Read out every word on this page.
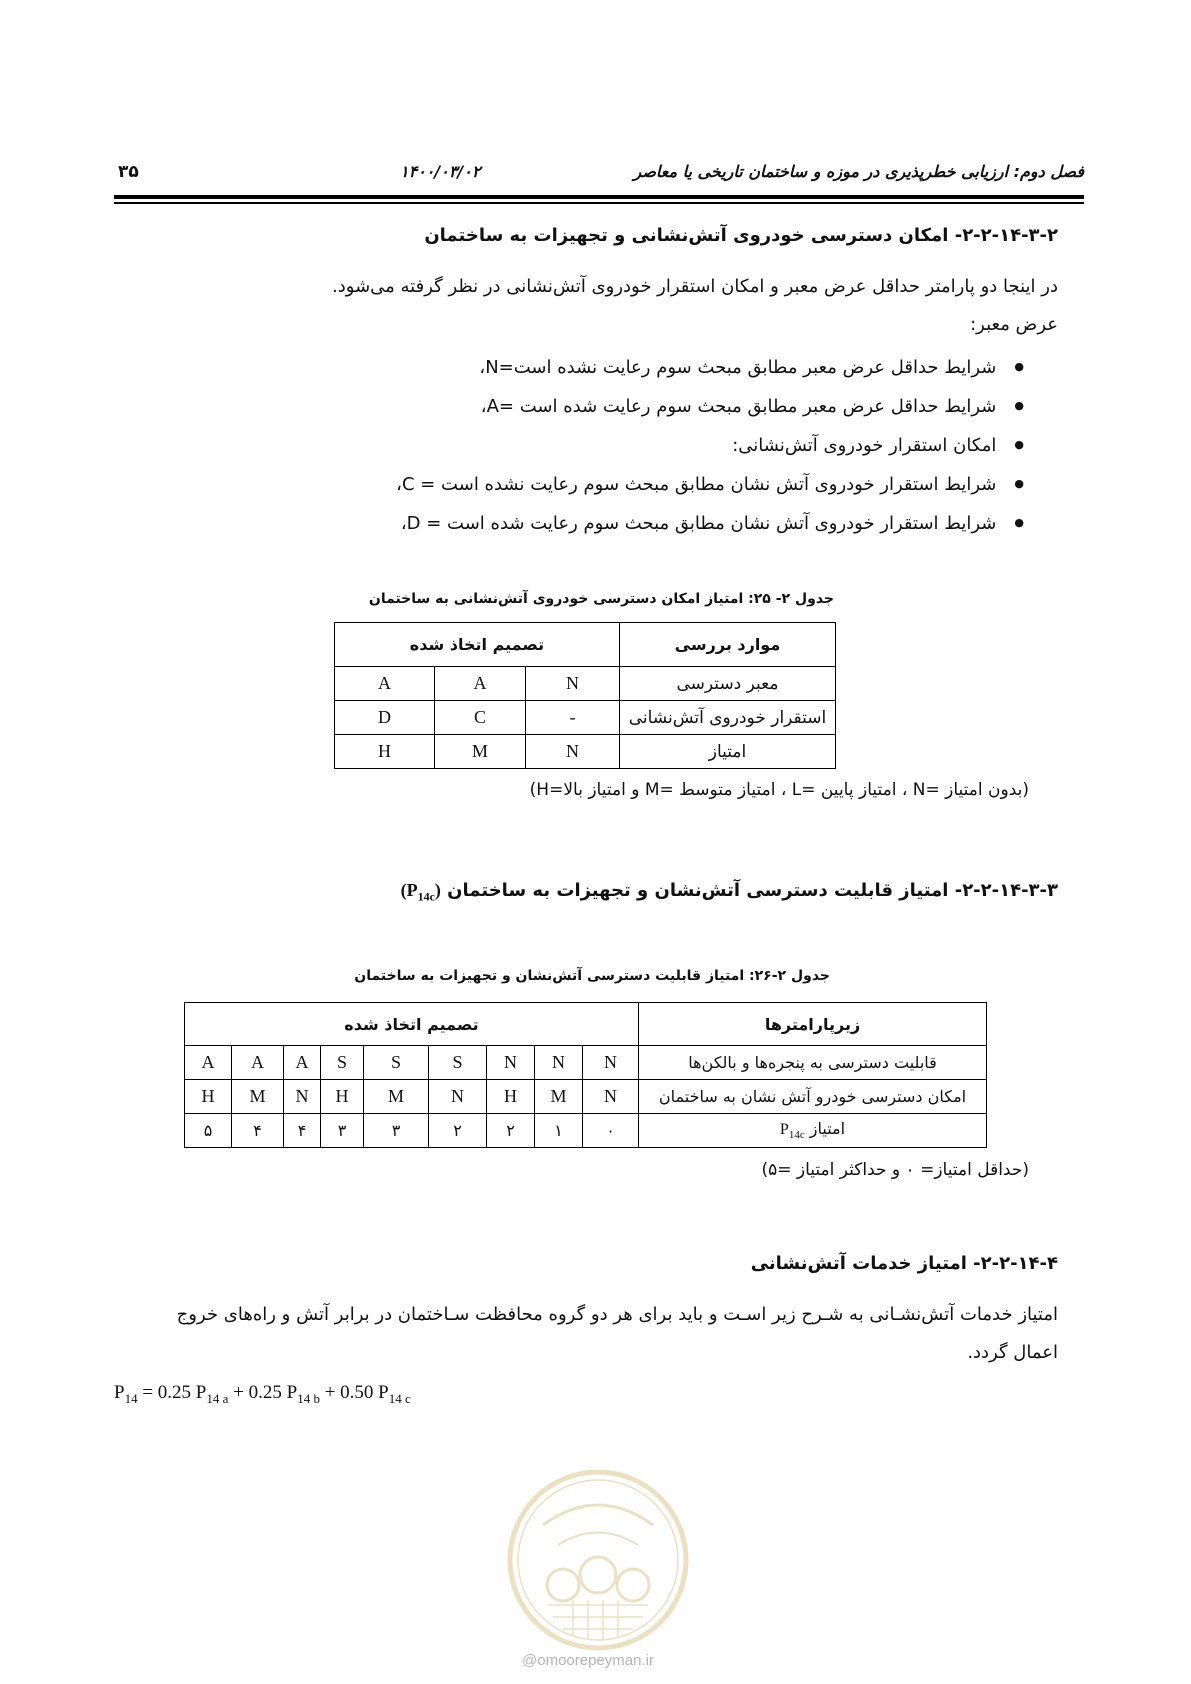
فصل دوم: ارزیابی خطرپذیری در موزه و ساختمان تاریخی یا معاصر
۱۴۰۰/۰۳/۰۲
۳۵
۲-۲-۱۴-۳-۲- امکان دسترسی خودروی آتش‌نشانی و تجهیزات به ساختمان
در اینجا دو پارامتر حداقل عرض معبر و امکان استقرار خودروی آتش‌نشانی در نظر گرفته می‌شود.
عرض معبر:
● شرایط حداقل عرض معبر مطابق مبحث سوم رعایت نشده است=N،
● شرایط حداقل عرض معبر مطابق مبحث سوم رعایت شده است =A،
● امکان استقرار خودروی آتش‌نشانی:
● شرایط استقرار خودروی آتش نشان مطابق مبحث سوم رعایت نشده است = C،
● شرایط استقرار خودروی آتش نشان مطابق مبحث سوم رعایت شده است = D،
جدول ۲- ۲۵: امتیاز امکان دسترسی خودروی آتش‌نشانی به ساختمان
موارد بررسی	تصمیم اتخاذ شده		
معبر دسترسی	N	A	A
استقرار خودروی آتش‌نشانی	-	C	D
امتیاز	N	M	H
(بدون امتیاز =N ، امتیاز پایین =L ، امتیاز متوسط =M و امتیاز بالا=H)
۲-۲-۱۴-۳-۳- امتیاز قابلیت دسترسی آتش‌نشان و تجهیزات به ساختمان $(P_{14c})$
جدول ۲-۲۶: امتیاز قابلیت دسترسی آتش‌نشان و تجهیزات به ساختمان
زیرپارامترها	تصمیم اتخاذ شده								
قابلیت دسترسی به پنجره‌ها و بالکن‌ها	N	N	N	S	S	S	A	A	A
امکان دسترسی خودرو آتش نشان به ساختمان	N	M	H	N	M	H	N	M	H
امتیاز $P_{14c}$	۰	۱	۲	۲	۳	۳	۴	۴	۵
(حداقل امتیاز= ۰ و حداکثر امتیاز =۵)
۲-۲-۱۴-۴- امتیاز خدمات آتش‌نشانی
امتیاز خدمات آتش‌نشـانی به شـرح زیر اسـت و باید برای هر دو گروه محافظت سـاختمان در برابر آتش و راه‌های خروج
اعمال گردد.
$P_{14} = 0.25$ $P_{14 a} + 0.25$ $P_{14 b} + 0.50$ $P_{14 c}$
@omoorepeyman.ir
